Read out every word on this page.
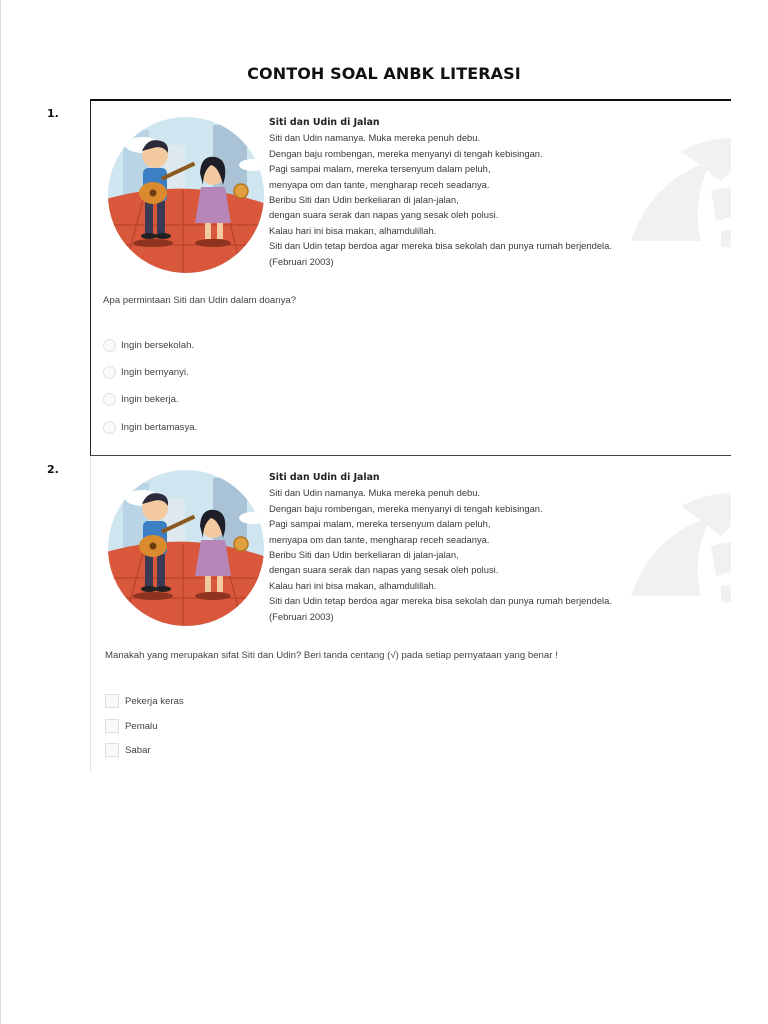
CONTOH SOAL ANBK LITERASI
1.
Siti dan Udin di Jalan
Siti dan Udin namanya. Muka mereka penuh debu.
Dengan baju rombengan, mereka menyanyi di tengah kebisingan.
Pagi sampai malam, mereka tersenyum dalam peluh,
menyapa om dan tante, mengharap receh seadanya.
Beribu Siti dan Udin berkeliaran di jalan-jalan,
dengan suara serak dan napas yang sesak oleh polusi.
Kalau hari ini bisa makan, alhamdulillah.
Siti dan Udin tetap berdoa agar mereka bisa sekolah dan punya rumah berjendela.
(Februari 2003)
Apa permintaan Siti dan Udin dalam doanya?
Ingin bersekolah.
Ingin bernyanyi.
Ingin bekerja.
Ingin bertamasya.
2.
Siti dan Udin di Jalan
Siti dan Udin namanya. Muka mereka penuh debu.
Dengan baju rombengan, mereka menyanyi di tengah kebisingan.
Pagi sampai malam, mereka tersenyum dalam peluh,
menyapa om dan tante, mengharap receh seadanya.
Beribu Siti dan Udin berkeliaran di jalan-jalan,
dengan suara serak dan napas yang sesak oleh polusi.
Kalau hari ini bisa makan, alhamdulillah.
Siti dan Udin tetap berdoa agar mereka bisa sekolah dan punya rumah berjendela.
(Februari 2003)
Manakah yang merupakan sifat Siti dan Udin? Beri tanda centang (√) pada setiap pernyataan yang benar !
Pekerja keras
Pemalu
Sabar
